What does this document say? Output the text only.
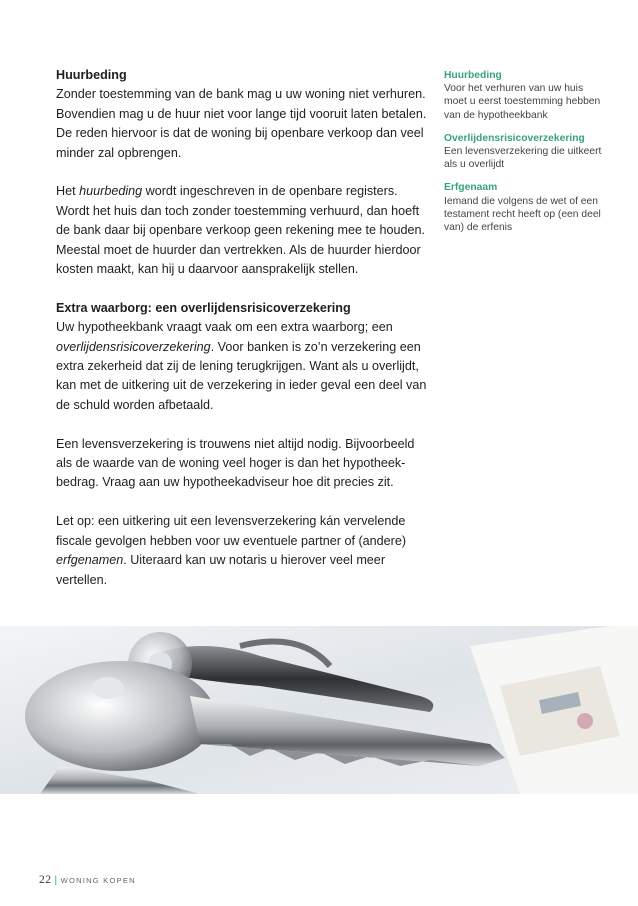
Huurbeding
Zonder toestemming van de bank mag u uw woning niet verhuren. Bovendien mag u de huur niet voor lange tijd vooruit laten betalen. De reden hiervoor is dat de woning bij openbare verkoop dan veel minder zal opbrengen.

Het huurbeding wordt ingeschreven in de openbare registers. Wordt het huis dan toch zonder toestemming verhuurd, dan hoeft de bank daar bij openbare verkoop geen rekening mee te houden. Meestal moet de huurder dan vertrekken. Als de huurder hierdoor kosten maakt, kan hij u daarvoor aansprakelijk stellen.

Extra waarborg: een overlijdensrisicoverzekering
Uw hypotheekbank vraagt vaak om een extra waarborg; een overlijdensrisicoverzekering. Voor banken is zo’n verzekering een extra zekerheid dat zij de lening terugkrijgen. Want als u overlijdt, kan met de uitkering uit de verzekering in ieder geval een deel van de schuld worden afbetaald.

Een levensverzekering is trouwens niet altijd nodig. Bijvoorbeeld als de waarde van de woning veel hoger is dan het hypotheek-bedrag. Vraag aan uw hypotheekadviseur hoe dit precies zit.

Let op: een uitkering uit een levensverzekering kán vervelende fiscale gevolgen hebben voor uw eventuele partner of (andere) erfgenamen. Uiteraard kan uw notaris u hierover veel meer vertellen.

Huurbeding
Voor het verhuren van uw huis moet u eerst toestemming hebben van de hypotheekbank
Overlijdensrisicoverzekering
Een levensverzekering die uitkeert als u overlijdt
Erfgenaam
Iemand die volgens de wet of een testament recht heeft op (een deel van) de erfenis
22 | WONING KOPEN
